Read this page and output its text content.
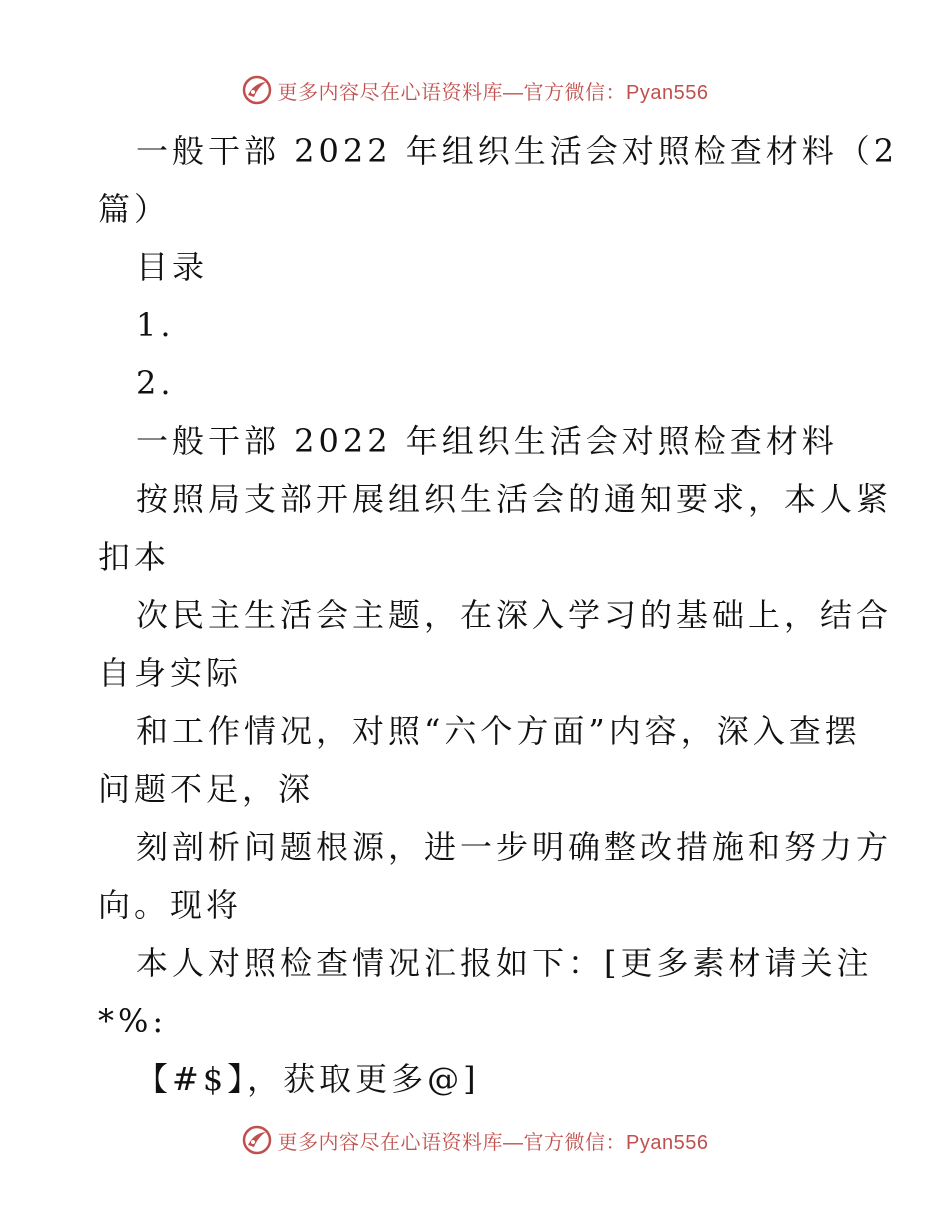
更多内容尽在心语资料库—官方微信：Pyan556
一般干部 2022 年组织生活会对照检查材料（2
篇）
目录
1.
2.
一般干部 2022 年组织生活会对照检查材料
按照局支部开展组织生活会的通知要求，本人紧
扣本
次民主生活会主题，在深入学习的基础上，结合
自身实际
和工作情况，对照“六个方面”内容，深入查摆
问题不足，深
刻剖析问题根源，进一步明确整改措施和努力方
向。现将
本人对照检查情况汇报如下：[更多素材请关注
*%:
【#$】，获取更多@]
更多内容尽在心语资料库—官方微信：Pyan556
